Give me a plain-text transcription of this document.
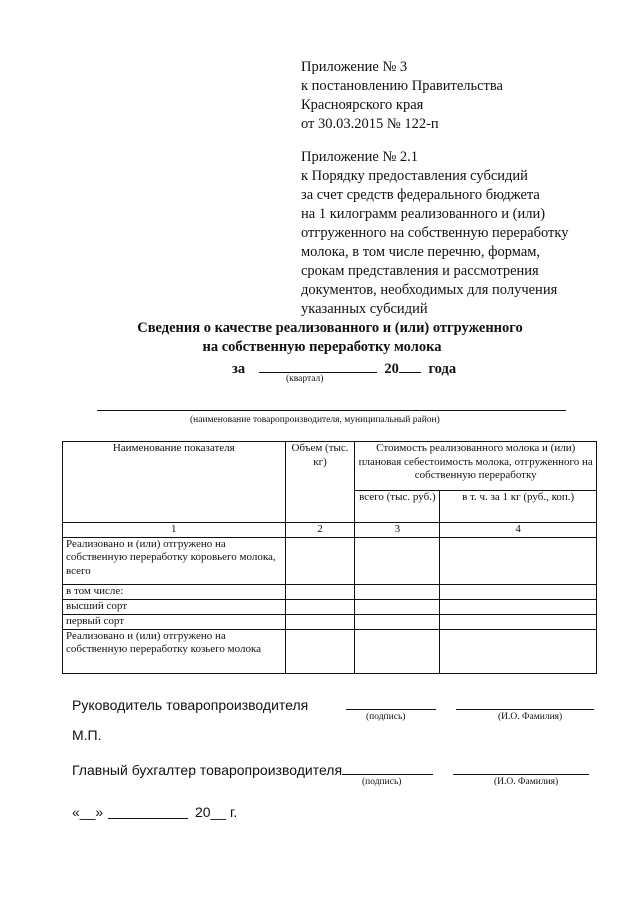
Приложение № 3
к постановлению Правительства
Красноярского края
от 30.03.2015 № 122-п
Приложение № 2.1
к Порядку предоставления субсидий
за счет средств федерального бюджета
на 1 килограмм реализованного и (или)
отгруженного на собственную переработку
молока, в том числе перечню, формам,
срокам представления и рассмотрения
документов, необходимых для получения
указанных субсидий
Сведения о качестве реализованного и (или) отгруженного
на собственную переработку молока
за	20 года
(квартал)
(наименование товаропроизводителя, муниципальный район)
Наименование показателя	Объем (тыс. кг)	Стоимость реализованного молока и (или) плановая себестоимость молока, отгруженного на собственную переработку	
		всего (тыс. руб.)	в т. ч. за 1 кг (руб., коп.)
1	2	3	4
Реализовано и (или) отгружено на собственную переработку коровьего молока, всего			
в том числе:			
высший сорт			
первый сорт			
Реализовано и (или) отгружено на собственную переработку козьего молока			
Руководитель товаропроизводителя
(подпись)	(И.О. Фамилия)
М.П.
Главный бухгалтер товаропроизводителя
(подпись)	(И.О. Фамилия)
«__»	20__ г.
